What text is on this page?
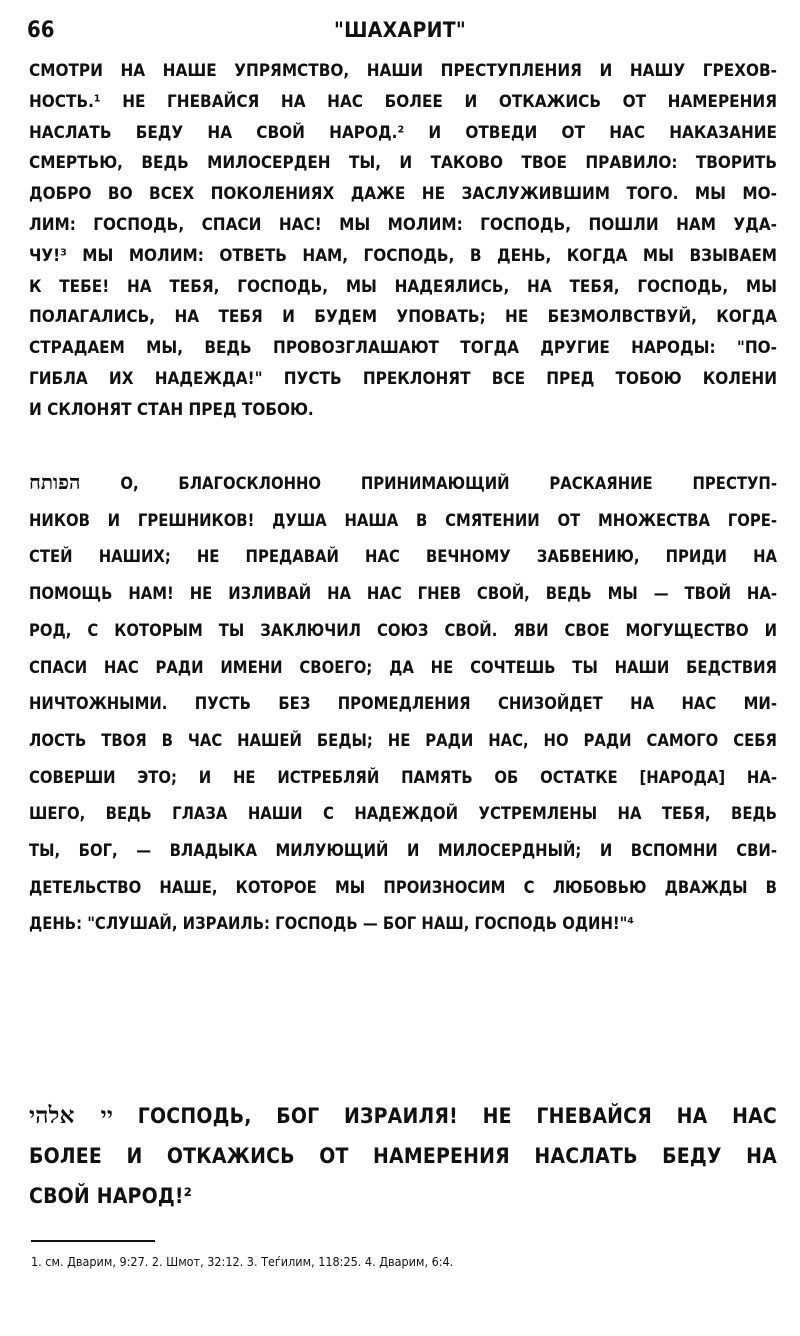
66	"ШАХАРИТ"
СМОТРИ НА НАШЕ УПРЯМСТВО, НАШИ ПРЕСТУПЛЕНИЯ И НАШУ ГРЕХОВ-
НОСТЬ.¹ НЕ ГНЕВАЙСЯ НА НАС БОЛЕЕ И ОТКАЖИСЬ ОТ НАМЕРЕНИЯ
НАСЛАТЬ БЕДУ НА СВОЙ НАРОД.² И ОТВЕДИ ОТ НАС НАКАЗАНИЕ
СМЕРТЬЮ, ВЕДЬ МИЛОСЕРДЕН ТЫ, И ТАКОВО ТВОЕ ПРАВИЛО: ТВОРИТЬ
ДОБРО ВО ВСЕХ ПОКОЛЕНИЯХ ДАЖЕ НЕ ЗАСЛУЖИВШИМ ТОГО. МЫ МО-
ЛИМ: ГОСПОДЬ, СПАСИ НАС! МЫ МОЛИМ: ГОСПОДЬ, ПОШЛИ НАМ УДА-
ЧУ!³ МЫ МОЛИМ: ОТВЕТЬ НАМ, ГОСПОДЬ, В ДЕНЬ, КОГДА МЫ ВЗЫВАЕМ
К ТЕБЕ! НА ТЕБЯ, ГОСПОДЬ, МЫ НАДЕЯЛИСЬ, НА ТЕБЯ, ГОСПОДЬ, МЫ
ПОЛАГАЛИСЬ, НА ТЕБЯ И БУДЕМ УПОВАТЬ; НЕ БЕЗМОЛВСТВУЙ, КОГДА
СТРАДАЕМ МЫ, ВЕДЬ ПРОВОЗГЛАШАЮТ ТОГДА ДРУГИЕ НАРОДЫ: "ПО-
ГИБЛА ИХ НАДЕЖДА!" ПУСТЬ ПРЕКЛОНЯТ ВСЕ ПРЕД ТОБОЮ КОЛЕНИ
И СКЛОНЯТ СТАН ПРЕД ТОБОЮ.
הפותח О, БЛАГОСКЛОННО ПРИНИМАЮЩИЙ РАСКАЯНИЕ ПРЕСТУП-
НИКОВ И ГРЕШНИКОВ! ДУША НАША В СМЯТЕНИИ ОТ МНОЖЕСТВА ГОРЕ-
СТЕЙ НАШИХ; НЕ ПРЕДАВАЙ НАС ВЕЧНОМУ ЗАБВЕНИЮ, ПРИДИ НА
ПОМОЩЬ НАМ! НЕ ИЗЛИВАЙ НА НАС ГНЕВ СВОЙ, ВЕДЬ МЫ — ТВОЙ НА-
РОД, С КОТОРЫМ ТЫ ЗАКЛЮЧИЛ СОЮЗ СВОЙ. ЯВИ СВОЕ МОГУЩЕСТВО И
СПАСИ НАС РАДИ ИМЕНИ СВОЕГО; ДА НЕ СОЧТЕШЬ ТЫ НАШИ БЕДСТВИЯ
НИЧТОЖНЫМИ. ПУСТЬ БЕЗ ПРОМЕДЛЕНИЯ СНИЗОЙДЕТ НА НАС МИ-
ЛОСТЬ ТВОЯ В ЧАС НАШЕЙ БЕДЫ; НЕ РАДИ НАС, НО РАДИ САМОГО СЕБЯ
СОВЕРШИ ЭТО; И НЕ ИСТРЕБЛЯЙ ПАМЯТЬ ОБ ОСТАТКЕ [НАРОДА] НА-
ШЕГО, ВЕДЬ ГЛАЗА НАШИ С НАДЕЖДОЙ УСТРЕМЛЕНЫ НА ТЕБЯ, ВЕДЬ
ТЫ, БОГ, — ВЛАДЫКА МИЛУЮЩИЙ И МИЛОСЕРДНЫЙ; И ВСПОМНИ СВИ-
ДЕТЕЛЬСТВО НАШЕ, КОТОРОЕ МЫ ПРОИЗНОСИМ С ЛЮБОВЬЮ ДВАЖДЫ В
ДЕНЬ: "СЛУШАЙ, ИЗРАИЛЬ: ГОСПОДЬ — БОГ НАШ, ГОСПОДЬ ОДИН!"⁴
יי אלהי ГОСПОДЬ, БОГ ИЗРАИЛЯ! НЕ ГНЕВАЙСЯ НА НАС
БОЛЕЕ И ОТКАЖИСЬ ОТ НАМЕРЕНИЯ НАСЛАТЬ БЕДУ НА
СВОЙ НАРОД!²
1. см. Дварим, 9:27. 2. Шмот, 32:12. 3. Теѓилим, 118:25. 4. Дварим, 6:4.
